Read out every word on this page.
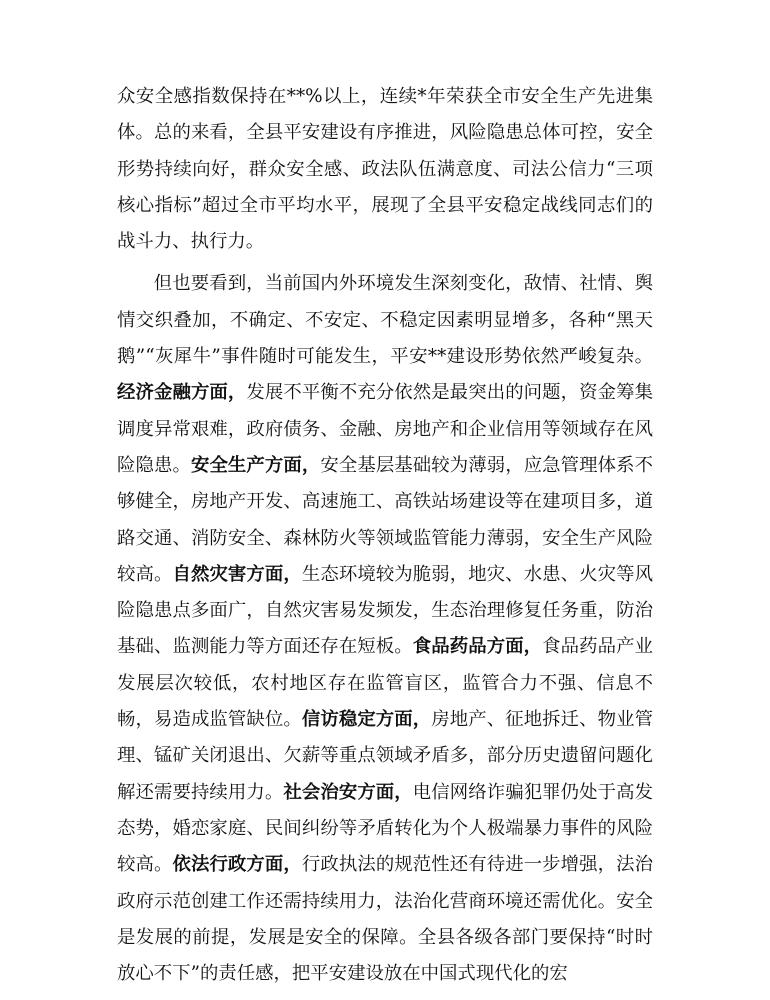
众安全感指数保持在**%以上，连续*年荣获全市安全生产先进集体。总的来看，全县平安建设有序推进，风险隐患总体可控，安全形势持续向好，群众安全感、政法队伍满意度、司法公信力“三项核心指标”超过全市平均水平，展现了全县平安稳定战线同志们的战斗力、执行力。

但也要看到，当前国内外环境发生深刻变化，敌情、社情、舆情交织叠加，不确定、不安定、不稳定因素明显增多，各种“黑天鹅”“灰犀牛”事件随时可能发生，平安**建设形势依然严峻复杂。经济金融方面，发展不平衡不充分依然是最突出的问题，资金筹集调度异常艰难，政府债务、金融、房地产和企业信用等领域存在风险隐患。安全生产方面，安全基层基础较为薄弱，应急管理体系不够健全，房地产开发、高速施工、高铁站场建设等在建项目多，道路交通、消防安全、森林防火等领域监管能力薄弱，安全生产风险较高。自然灾害方面，生态环境较为脆弱，地灾、水患、火灾等风险隐患点多面广，自然灾害易发频发，生态治理修复任务重，防治基础、监测能力等方面还存在短板。食品药品方面，食品药品产业发展层次较低，农村地区存在监管盲区，监管合力不强、信息不畅，易造成监管缺位。信访稳定方面，房地产、征地拆迁、物业管理、锰矿关闭退出、欠薪等重点领域矛盾多，部分历史遗留问题化解还需要持续用力。社会治安方面，电信网络诈骗犯罪仍处于高发态势，婚恋家庭、民间纠纷等矛盾转化为个人极端暴力事件的风险较高。依法行政方面，行政执法的规范性还有待进一步增强，法治政府示范创建工作还需持续用力，法治化营商环境还需优化。安全是发展的前提，发展是安全的保障。全县各级各部门要保持“时时放心不下”的责任感，把平安建设放在中国式现代化的宏
